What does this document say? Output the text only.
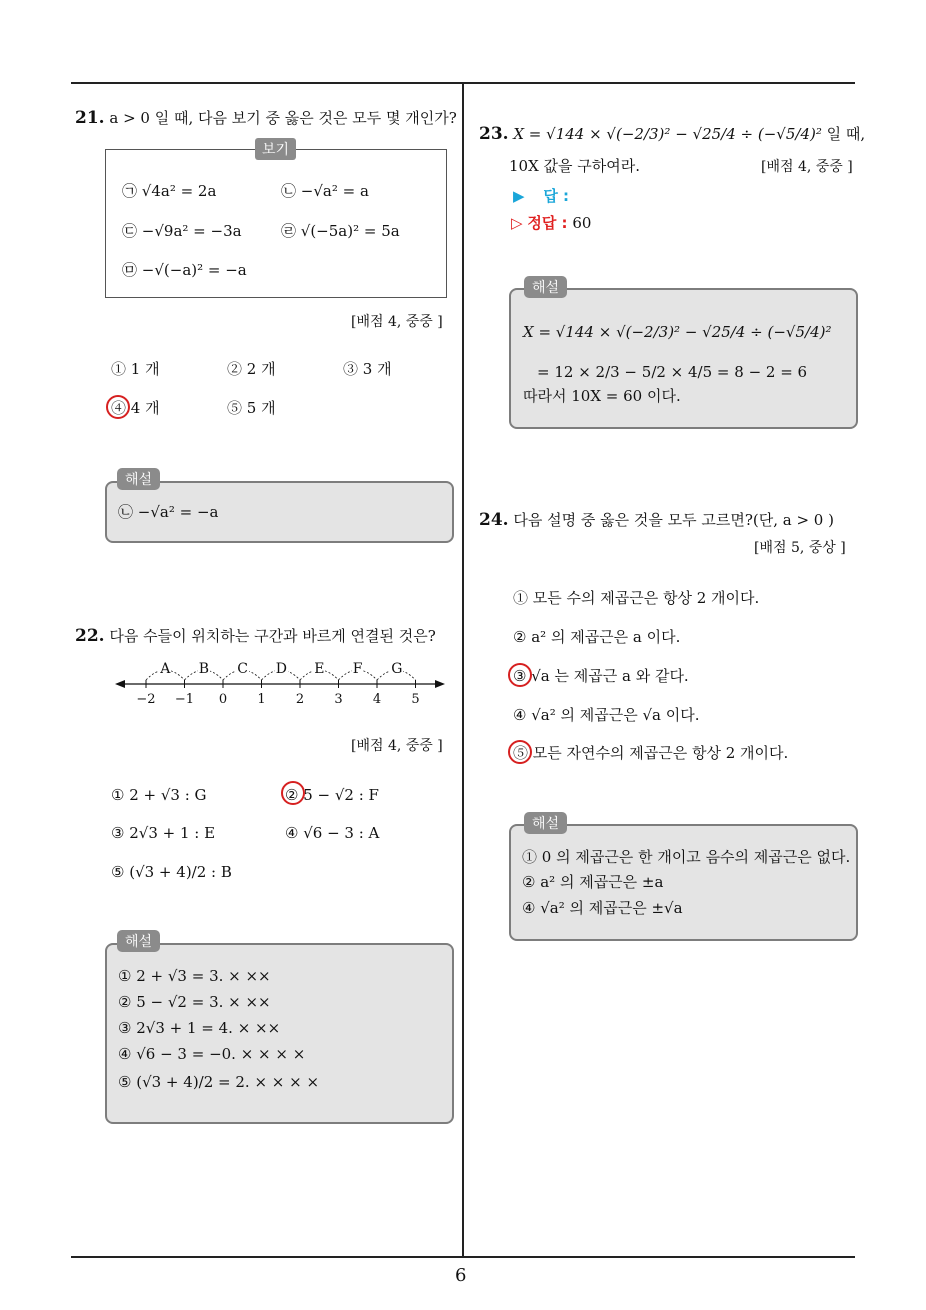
6
21. a > 0 일 때, 다음 보기 중 옳은 것은 모두 몇 개인가?
보기
㉠ √4a² = 2a	㉡ −√a² = a
㉢ −√9a² = −3a	㉣ √(−5a)² = 5a
㉤ −√(−a)² = −a
[배점 4, 중중 ]
① 1 개	② 2 개	③ 3 개
④ 4 개	⑤ 5 개
해설
㉡ −√a² = −a
22. 다음 수들이 위치하는 구간과 바르게 연결된 것은?
A B C D E F G
−2 −1	0	1	2	3	4	5
[배점 4, 중중 ]
① 2 + √3 : G	② 5 − √2 : F
③ 2√3 + 1 : E	④ √6 − 3 : A
⑤ (√3 + 4)/2 : B
해설
① 2 + √3 = 3. × ××
② 5 − √2 = 3. × ××
③ 2√3 + 1 = 4. × ××
④ √6 − 3 = −0. × × × ×
⑤ (√3 + 4)/2 = 2. × × × ×
23. X = √144 × √(−2/3)² − √25/4 ÷ (−√5/4)² 일 때,
10X 값을 구하여라.	[배점 4, 중중 ]
▶ 답 :
▷ 정답 : 60
해설
X = √144 × √(−2/3)² − √25/4 ÷ (−√5/4)²
= 12 × 2/3 − 5/2 × 4/5 = 8 − 2 = 6
따라서 10X = 60 이다.
24. 다음 설명 중 옳은 것을 모두 고르면?(단, a > 0 )
[배점 5, 중상 ]
① 모든 수의 제곱근은 항상 2 개이다.
② a² 의 제곱근은 a 이다.
③ √a 는 제곱근 a 와 같다.
④ √a² 의 제곱근은 √a 이다.
⑤ 모든 자연수의 제곱근은 항상 2 개이다.
해설
① 0 의 제곱근은 한 개이고 음수의 제곱근은 없다.
② a² 의 제곱근은 ±a
④ √a² 의 제곱근은 ±√a
